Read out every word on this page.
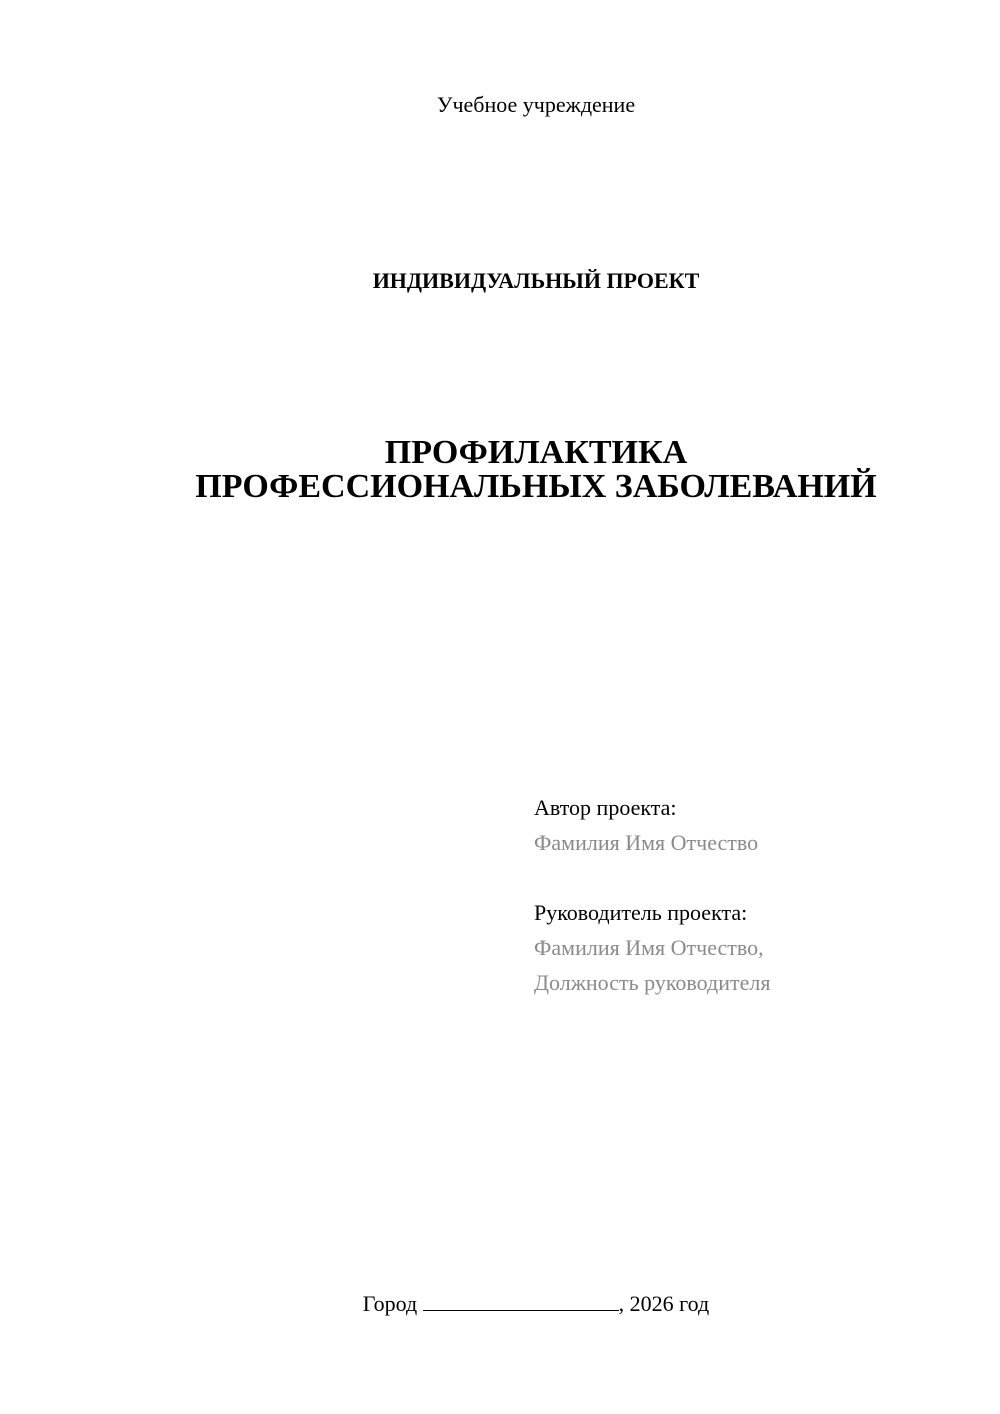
Учебное учреждение
ИНДИВИДУАЛЬНЫЙ ПРОЕКТ
ПРОФИЛАКТИКА
ПРОФЕССИОНАЛЬНЫХ ЗАБОЛЕВАНИЙ
Автор проекта:
Фамилия Имя Отчество
Руководитель проекта:
Фамилия Имя Отчество,
Должность руководителя
Город	, 2026 год
